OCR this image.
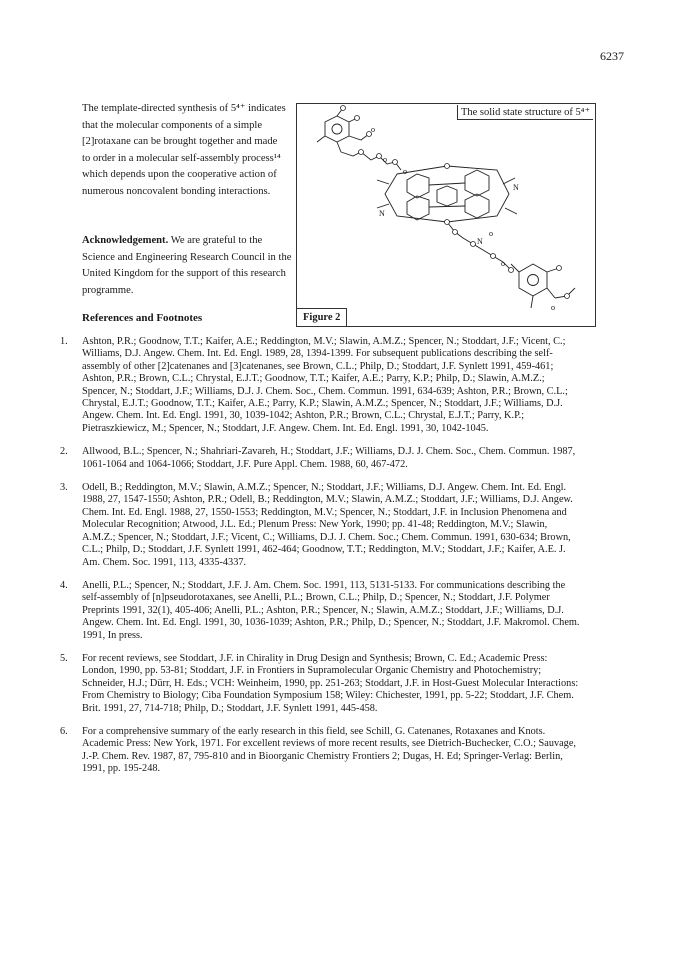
6237

The template-directed synthesis of 5⁴⁺ indicates that the molecular components of a simple [2]rotaxane can be brought together and made to order in a molecular self-assembly process¹⁴ which depends upon the cooperative action of numerous noncovalent bonding interactions.

Acknowledgement. We are grateful to the Science and Engineering Research Council in the United Kingdom for the support of this research programme.

References and Footnotes
o
o
o
N
N
N
o
o
o
The solid state structure of 5⁴⁺
Figure 2
1.	Ashton, P.R.; Goodnow, T.T.; Kaifer, A.E.; Reddington, M.V.; Slawin, A.M.Z.; Spencer, N.; Stoddart, J.F.; Vicent, C.; Williams, D.J. Angew. Chem. Int. Ed. Engl. 1989, 28, 1394-1399. For subsequent publications describing the self-assembly of other [2]catenanes and [3]catenanes, see Brown, C.L.; Philp, D.; Stoddart, J.F. Synlett 1991, 459-461; Ashton, P.R.; Brown, C.L.; Chrystal, E.J.T.; Goodnow, T.T.; Kaifer, A.E.; Parry, K.P.; Philp, D.; Slawin, A.M.Z.; Spencer, N.; Stoddart, J.F.; Williams, D.J. J. Chem. Soc., Chem. Commun. 1991, 634-639; Ashton, P.R.; Brown, C.L.; Chrystal, E.J.T.; Goodnow, T.T.; Kaifer, A.E.; Parry, K.P.; Slawin, A.M.Z.; Spencer, N.; Stoddart, J.F.; Williams, D.J. Angew. Chem. Int. Ed. Engl. 1991, 30, 1039-1042; Ashton, P.R.; Brown, C.L.; Chrystal, E.J.T.; Parry, K.P.; Pietraszkiewicz, M.; Spencer, N.; Stoddart, J.F. Angew. Chem. Int. Ed. Engl. 1991, 30, 1042-1045.
2.	Allwood, B.L.; Spencer, N.; Shahriari-Zavareh, H.; Stoddart, J.F.; Williams, D.J. J. Chem. Soc., Chem. Commun. 1987, 1061-1064 and 1064-1066; Stoddart, J.F. Pure Appl. Chem. 1988, 60, 467-472.
3.	Odell, B.; Reddington, M.V.; Slawin, A.M.Z.; Spencer, N.; Stoddart, J.F.; Williams, D.J. Angew. Chem. Int. Ed. Engl. 1988, 27, 1547-1550; Ashton, P.R.; Odell, B.; Reddington, M.V.; Slawin, A.M.Z.; Stoddart, J.F.; Williams, D.J. Angew. Chem. Int. Ed. Engl. 1988, 27, 1550-1553; Reddington, M.V.; Spencer, N.; Stoddart, J.F. in Inclusion Phenomena and Molecular Recognition; Atwood, J.L. Ed.; Plenum Press: New York, 1990; pp. 41-48; Reddington, M.V.; Slawin, A.M.Z.; Spencer, N.; Stoddart, J.F.; Vicent, C.; Williams, D.J. J. Chem. Soc.; Chem. Commun. 1991, 630-634; Brown, C.L.; Philp, D.; Stoddart, J.F. Synlett 1991, 462-464; Goodnow, T.T.; Reddington, M.V.; Stoddart, J.F.; Kaifer, A.E. J. Am. Chem. Soc. 1991, 113, 4335-4337.
4.	Anelli, P.L.; Spencer, N.; Stoddart, J.F. J. Am. Chem. Soc. 1991, 113, 5131-5133. For communications describing the self-assembly of [n]pseudorotaxanes, see Anelli, P.L.; Brown, C.L.; Philp, D.; Spencer, N.; Stoddart, J.F. Polymer Preprints 1991, 32(1), 405-406; Anelli, P.L.; Ashton, P.R.; Spencer, N.; Slawin, A.M.Z.; Stoddart, J.F.; Williams, D.J. Angew. Chem. Int. Ed. Engl. 1991, 30, 1036-1039; Ashton, P.R.; Philp, D.; Spencer, N.; Stoddart, J.F. Makromol. Chem. 1991, In press.
5.	For recent reviews, see Stoddart, J.F. in Chirality in Drug Design and Synthesis; Brown, C. Ed.; Academic Press: London, 1990, pp. 53-81; Stoddart, J.F. in Frontiers in Supramolecular Organic Chemistry and Photochemistry; Schneider, H.J.; Dürr, H. Eds.; VCH: Weinheim, 1990, pp. 251-263; Stoddart, J.F. in Host-Guest Molecular Interactions: From Chemistry to Biology; Ciba Foundation Symposium 158; Wiley: Chichester, 1991, pp. 5-22; Stoddart, J.F. Chem. Brit. 1991, 27, 714-718; Philp, D.; Stoddart, J.F. Synlett 1991, 445-458.
6.	For a comprehensive summary of the early research in this field, see Schill, G. Catenanes, Rotaxanes and Knots. Academic Press: New York, 1971. For excellent reviews of more recent results, see Dietrich-Buchecker, C.O.; Sauvage, J.-P. Chem. Rev. 1987, 87, 795-810 and in Bioorganic Chemistry Frontiers 2; Dugas, H. Ed; Springer-Verlag: Berlin, 1991, pp. 195-248.
